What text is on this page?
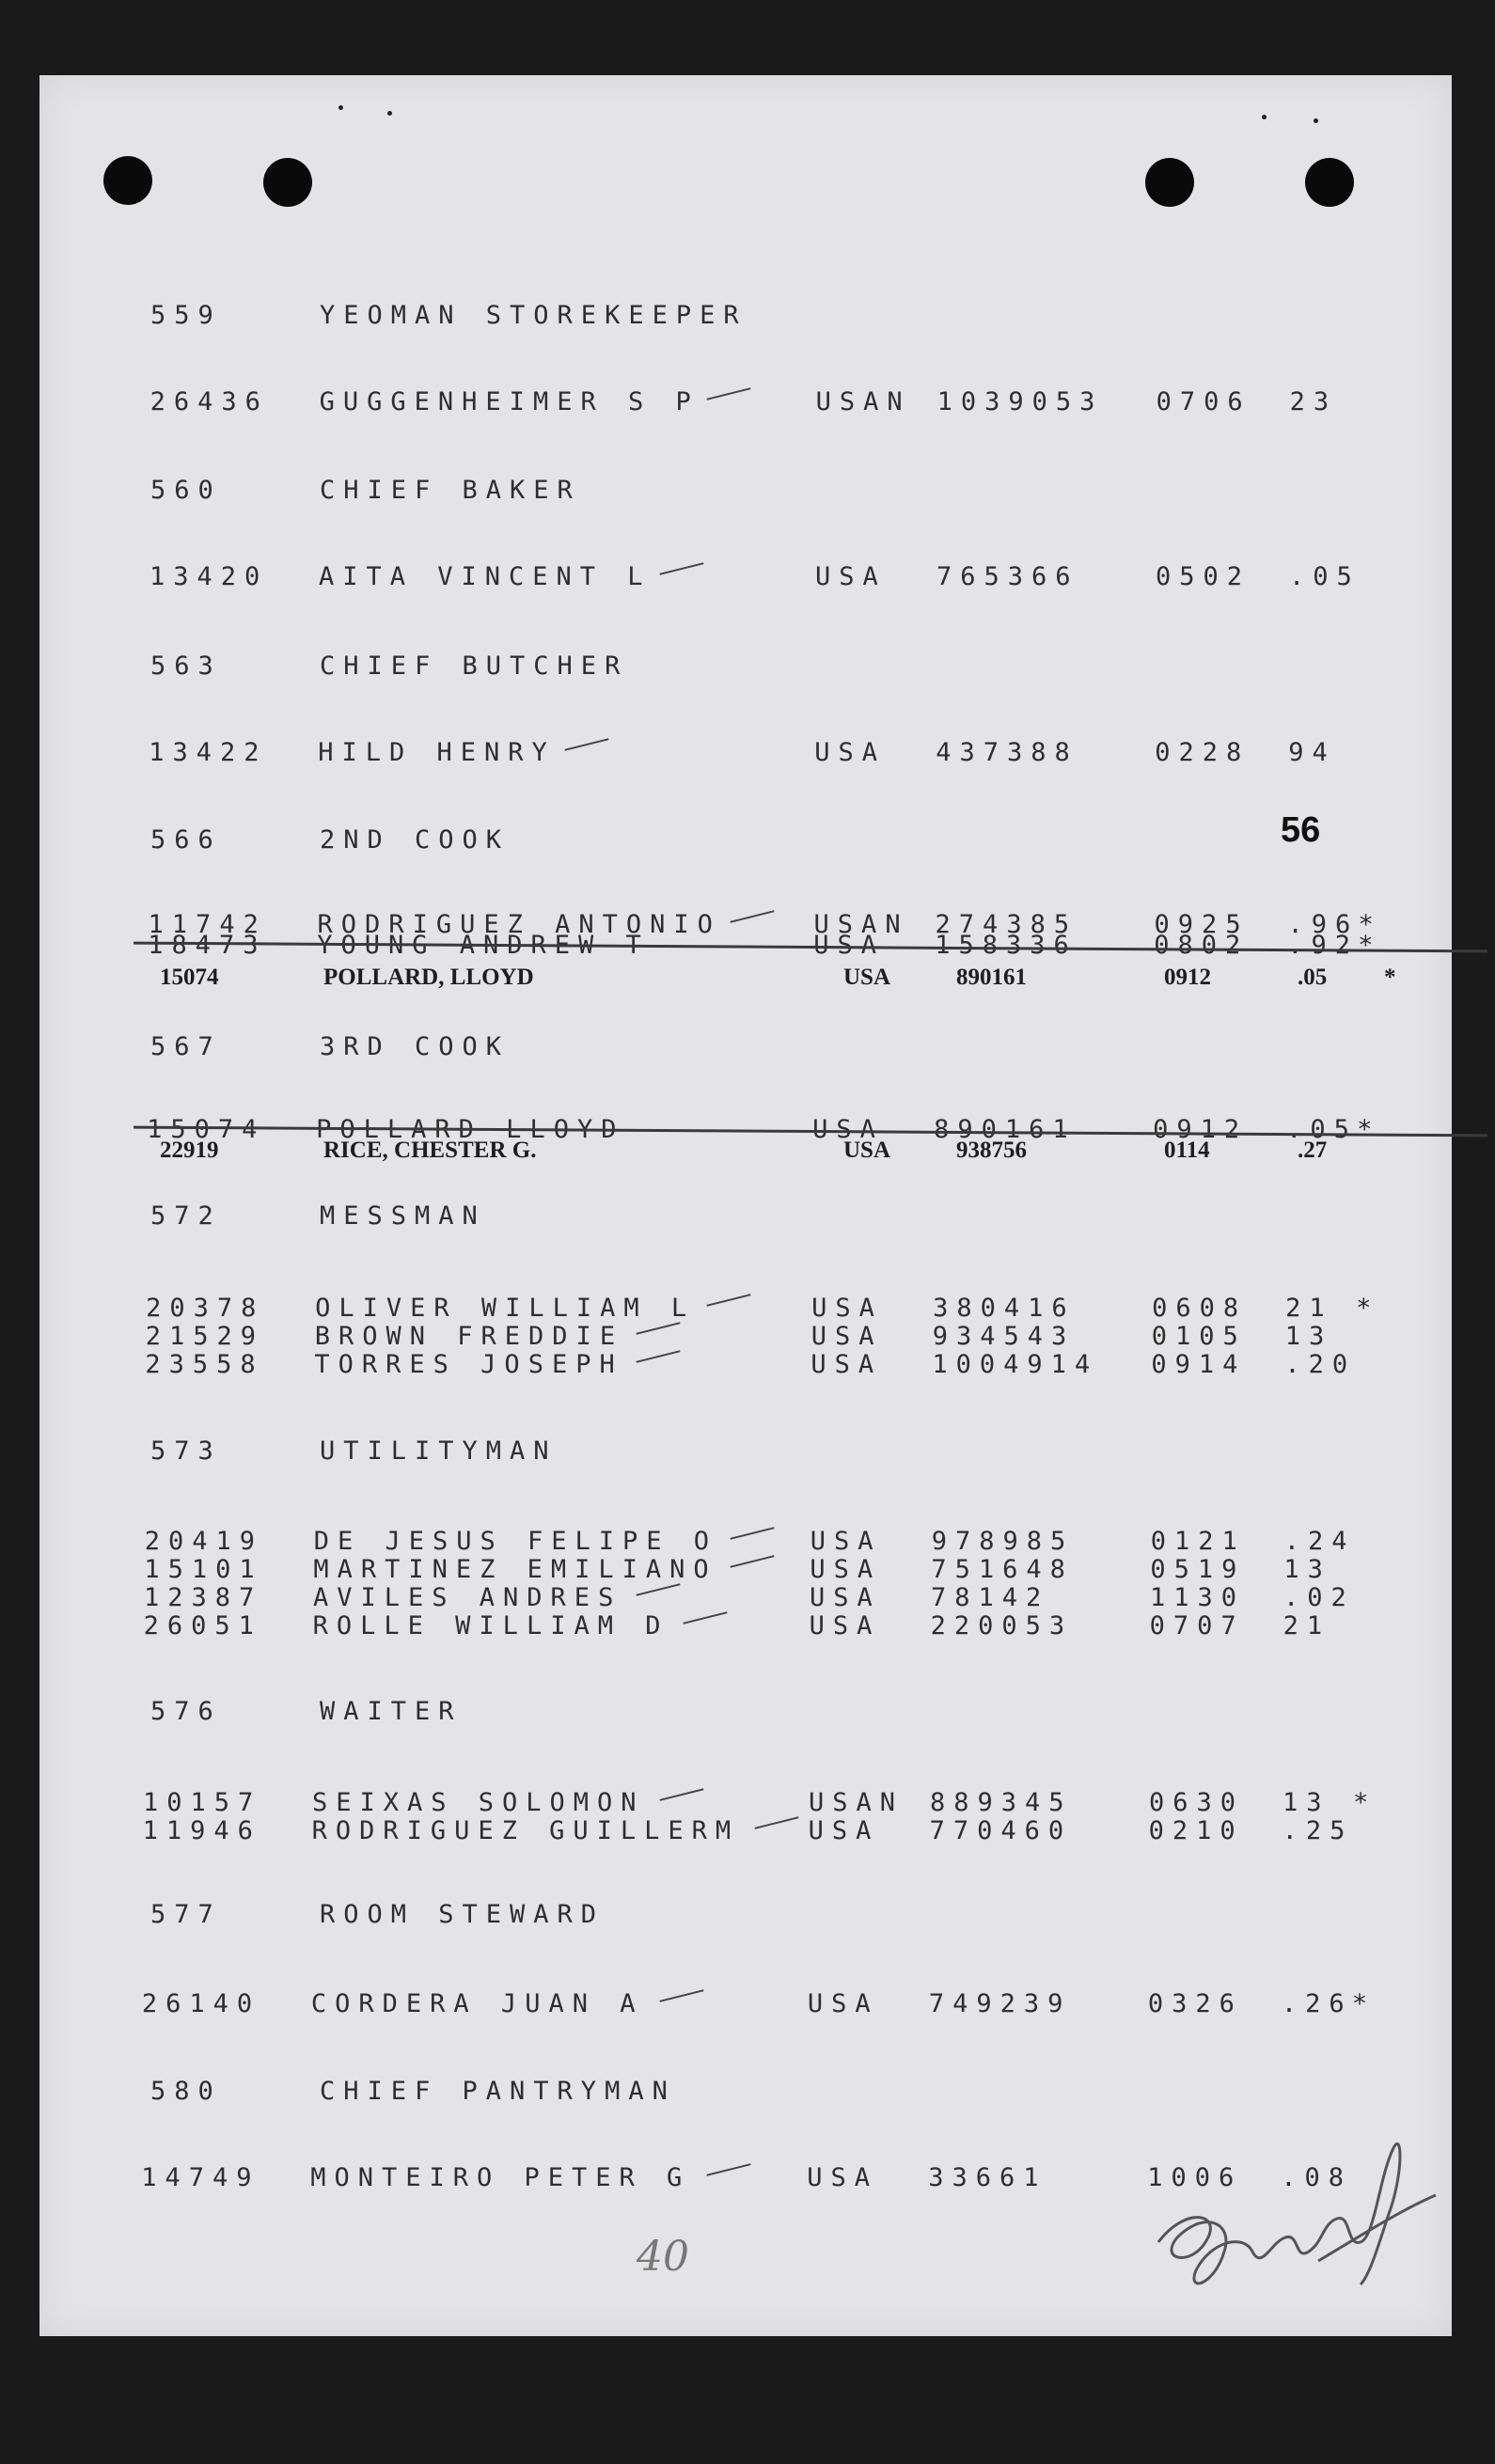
559	YEOMAN STOREKEEPER
26436 GUGGENHEIMER S P	USAN 1039053 0706 23
560	CHIEF BAKER
13420 AITA VINCENT L	USA 765366	0502 .05
563	CHIEF BUTCHER
13422 HILD HENRY	USA 437388	0228 94
566	2ND COOK
11742 RODRIGUEZ ANTONIO	USAN 274385	0925 .96 *
18473 YOUNG ANDREW T	USA 158336	0802 .92 *
15074	POLLARD, LLOYD	USA	890161	0912	.05 *
567	3RD COOK
15074 POLLARD LLOYD	USA 890161	0912 .05 *
22919	RICE, CHESTER G.	USA	938756	0114	.27
572	MESSMAN
20378 OLIVER WILLIAM L	USA 380416	0608 21 *
21529 BROWN FREDDIE	USA 934543	0105 13
23558 TORRES JOSEPH	USA 1004914 0914 .20
573	UTILITYMAN
20419 DE JESUS FELIPE O	USA 978985	0121 .24
15101 MARTINEZ EMILIANO	USA 751648	0519 13
12387 AVILES ANDRES	USA 78142	1130 .02
26051 ROLLE WILLIAM D	USA 220053	0707 21
576	WAITER
10157 SEIXAS SOLOMON	USAN 889345	0630 13 *
11946 RODRIGUEZ GUILLERM	USA 770460	0210 .25
577	ROOM STEWARD
26140 CORDERA JUAN A	USA 749239	0326 .26 *
580	CHIEF PANTRYMAN
14749 MONTEIRO PETER G	USA 33661	1006 .08
56
40
